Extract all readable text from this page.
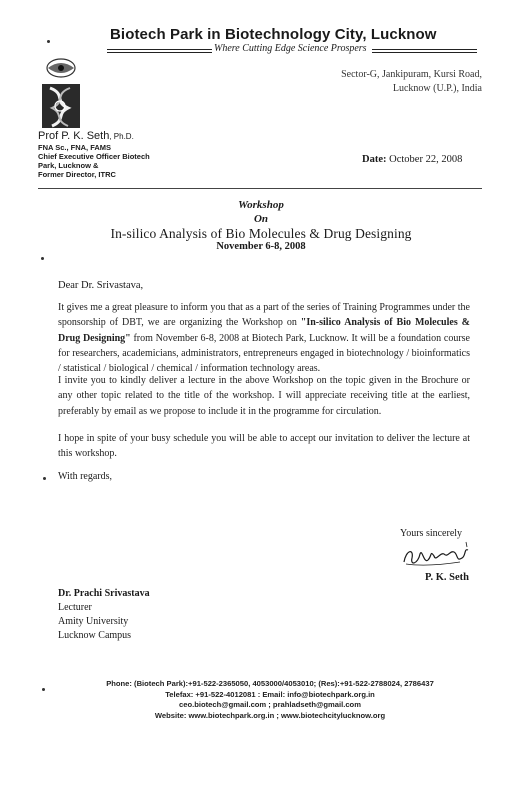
Biotech Park in Biotechnology City, Lucknow
Where Cutting Edge Science Prospers
Sector-G, Jankipuram, Kursi Road,
Lucknow (U.P.), India
Prof P. K. Seth, Ph.D.
FNA Sc., FNA, FAMS
Chief Executive Officer Biotech
Park, Lucknow &
Former Director, ITRC
Date: October 22, 2008
Workshop
On
In-silico Analysis of Bio Molecules & Drug Designing
November 6-8, 2008
Dear Dr. Srivastava,
It gives me a great pleasure to inform you that as a part of the series of Training Programmes under the sponsorship of DBT, we are organizing the Workshop on "In-silico Analysis of Bio Molecules & Drug Designing" from November 6-8, 2008 at Biotech Park, Lucknow. It will be a foundation course for researchers, academicians, administrators, entrepreneurs engaged in biotechnology / bioinformatics / statistical / biological / chemical / information technology areas.
I invite you to kindly deliver a lecture in the above Workshop on the topic given in the Brochure or any other topic related to the title of the workshop. I will appreciate receiving title at the earliest, preferably by email as we propose to include it in the programme for circulation.
I hope in spite of your busy schedule you will be able to accept our invitation to deliver the lecture at this workshop.
With regards,
Yours sincerely
P. K. Seth
Dr. Prachi Srivastava
Lecturer
Amity University
Lucknow Campus
Phone: (Biotech Park):+91-522-2365050, 4053000/4053010; (Res):+91-522-2788024, 2786437
Telefax: +91-522-4012081 : Email: info@biotechpark.org.in
ceo.biotech@gmail.com ; prahladseth@gmail.com
Website: www.biotechpark.org.in ; www.biotechcitylucknow.org
